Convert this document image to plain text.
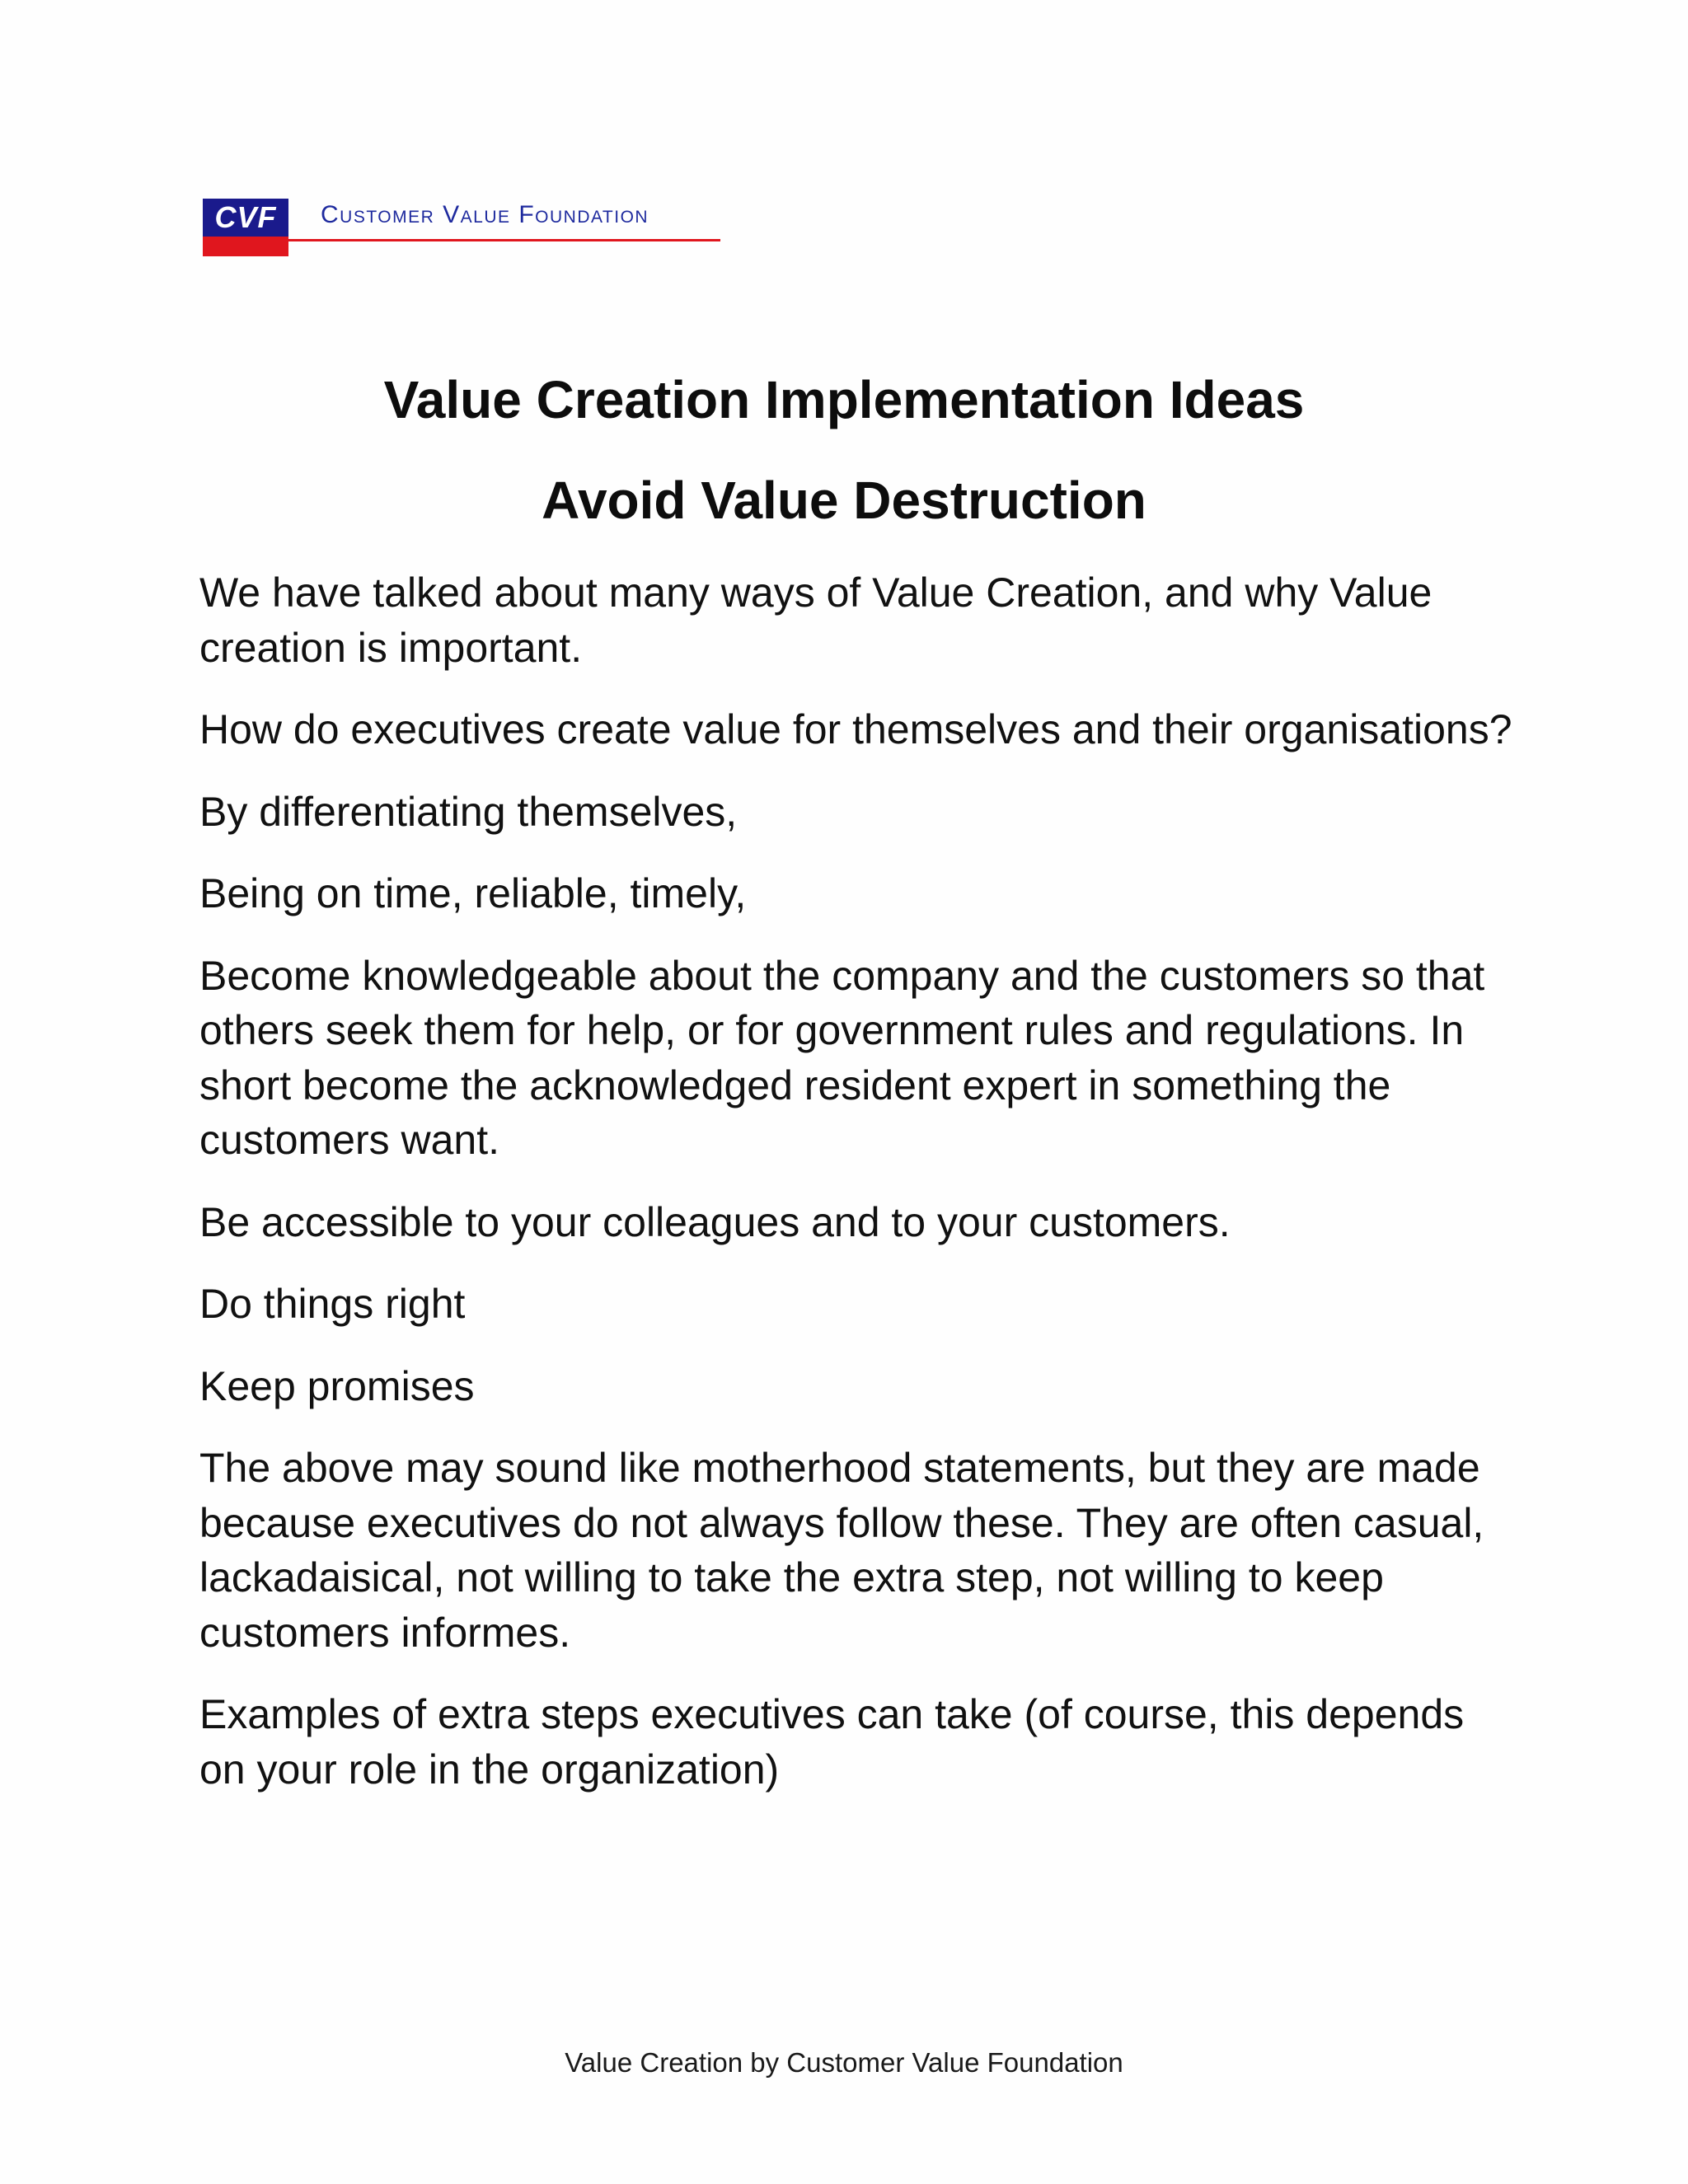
CVF	Customer Value Foundation
Value Creation Implementation Ideas
Avoid Value Destruction

We have talked about many ways of Value Creation, and why Value creation is important.

How do executives create value for themselves and their organisations?

By differentiating themselves,

Being on time, reliable, timely,

Become knowledgeable about the company and the customers so that others seek them for help, or for government rules and regulations. In short become the acknowledged resident expert in something the customers want.

Be accessible to your colleagues and to your customers.

Do things right

Keep promises

The above may sound like motherhood statements, but they are made because executives do not always follow these. They are often casual, lackadaisical, not willing to take the extra step, not willing to keep customers informes.

Examples of extra steps executives can take (of course, this depends on your role in the organization)

Value Creation by Customer Value Foundation
